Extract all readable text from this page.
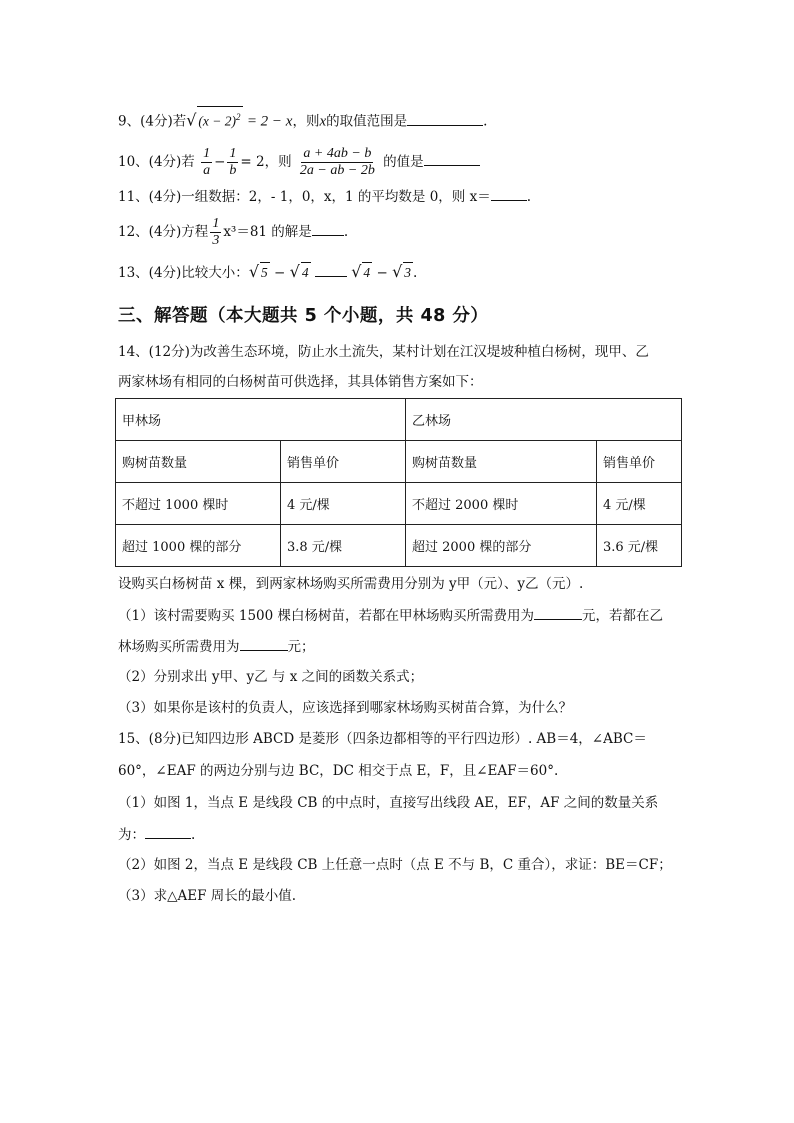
9、(4分)若√ $(x - 2)^2 = 2 - x$，则x的取值范围是	.
10、(4分)若 $\frac{1}{a} - \frac{1}{b} = 2$，则 $\frac{a + 4ab - b}{2a - ab - 2b}$ 的值是
11、(4分)一组数据：2，- 1，0，x，1 的平均数是 0，则 x＝	.
12、(4分)方程 $\frac{1}{3} x^3=81$ 的解是 .
13、(4分)比较大小：√ 5 − √ 4	√ 4 − √ 3 .
三、解答题（本大题共 5 个小题，共 48 分）
14、(12分)为改善生态环境，防止水土流失，某村计划在江汉堤坡种植白杨树，现甲、乙
两家林场有相同的白杨树苗可供选择，其具体销售方案如下：
甲林场		乙林场	
购树苗数量	销售单价	购树苗数量	销售单价
不超过 1000 棵时	4 元/棵	不超过 2000 棵时	4 元/棵
超过 1000 棵的部分	3.8 元/棵	超过 2000 棵的部分	3.6 元/棵
设购买白杨树苗 x 棵，到两家林场购买所需费用分别为 y甲（元）、y乙（元）.
（1）该村需要购买 1500 棵白杨树苗，若都在甲林场购买所需费用为	元，若都在乙
林场购买所需费用为	元；
（2）分别求出 y甲、y乙 与 x 之间的函数关系式；
（3）如果你是该村的负责人，应该选择到哪家林场购买树苗合算，为什么？
15、(8分)已知四边形 ABCD 是菱形（四条边都相等的平行四边形）. AB＝4，∠ABC＝
60°，∠EAF 的两边分别与边 BC，DC 相交于点 E，F，且∠EAF＝60°.
（1）如图 1，当点 E 是线段 CB 的中点时，直接写出线段 AE，EF，AF 之间的数量关系
为：	.
（2）如图 2，当点 E 是线段 CB 上任意一点时（点 E 不与 B，C 重合），求证：BE＝CF；
（3）求△AEF 周长的最小值.
